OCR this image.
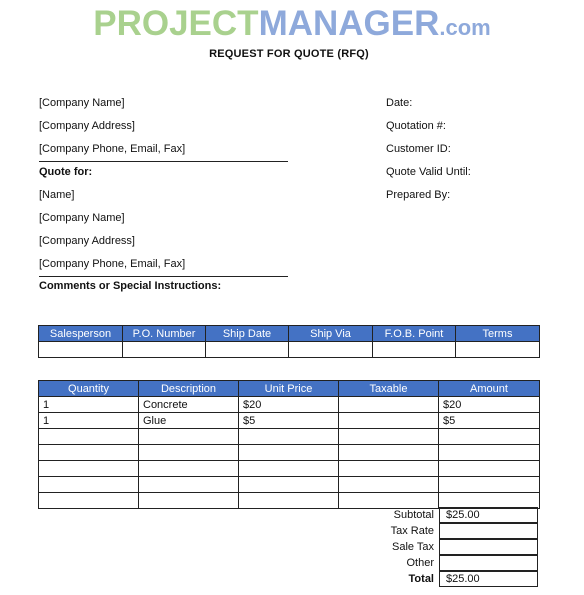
PROJECTMANAGER.com
REQUEST FOR QUOTE (RFQ)
[Company Name]
[Company Address]
[Company Phone, Email, Fax]
Date:
Quotation #:
Customer ID:
Quote Valid Until:
Prepared By:
Quote for:
[Name]
[Company Name]
[Company Address]
[Company Phone, Email, Fax]
Comments or Special Instructions:
Salesperson	P.O. Number	Ship Date	Ship Via	F.O.B. Point	Terms

Quantity	Description	Unit Price	Taxable	Amount
1	Concrete	$20		$20
1	Glue	$5		$5

Subtotal	$25.00
Tax Rate
Sale Tax
Other
Total	$25.00
